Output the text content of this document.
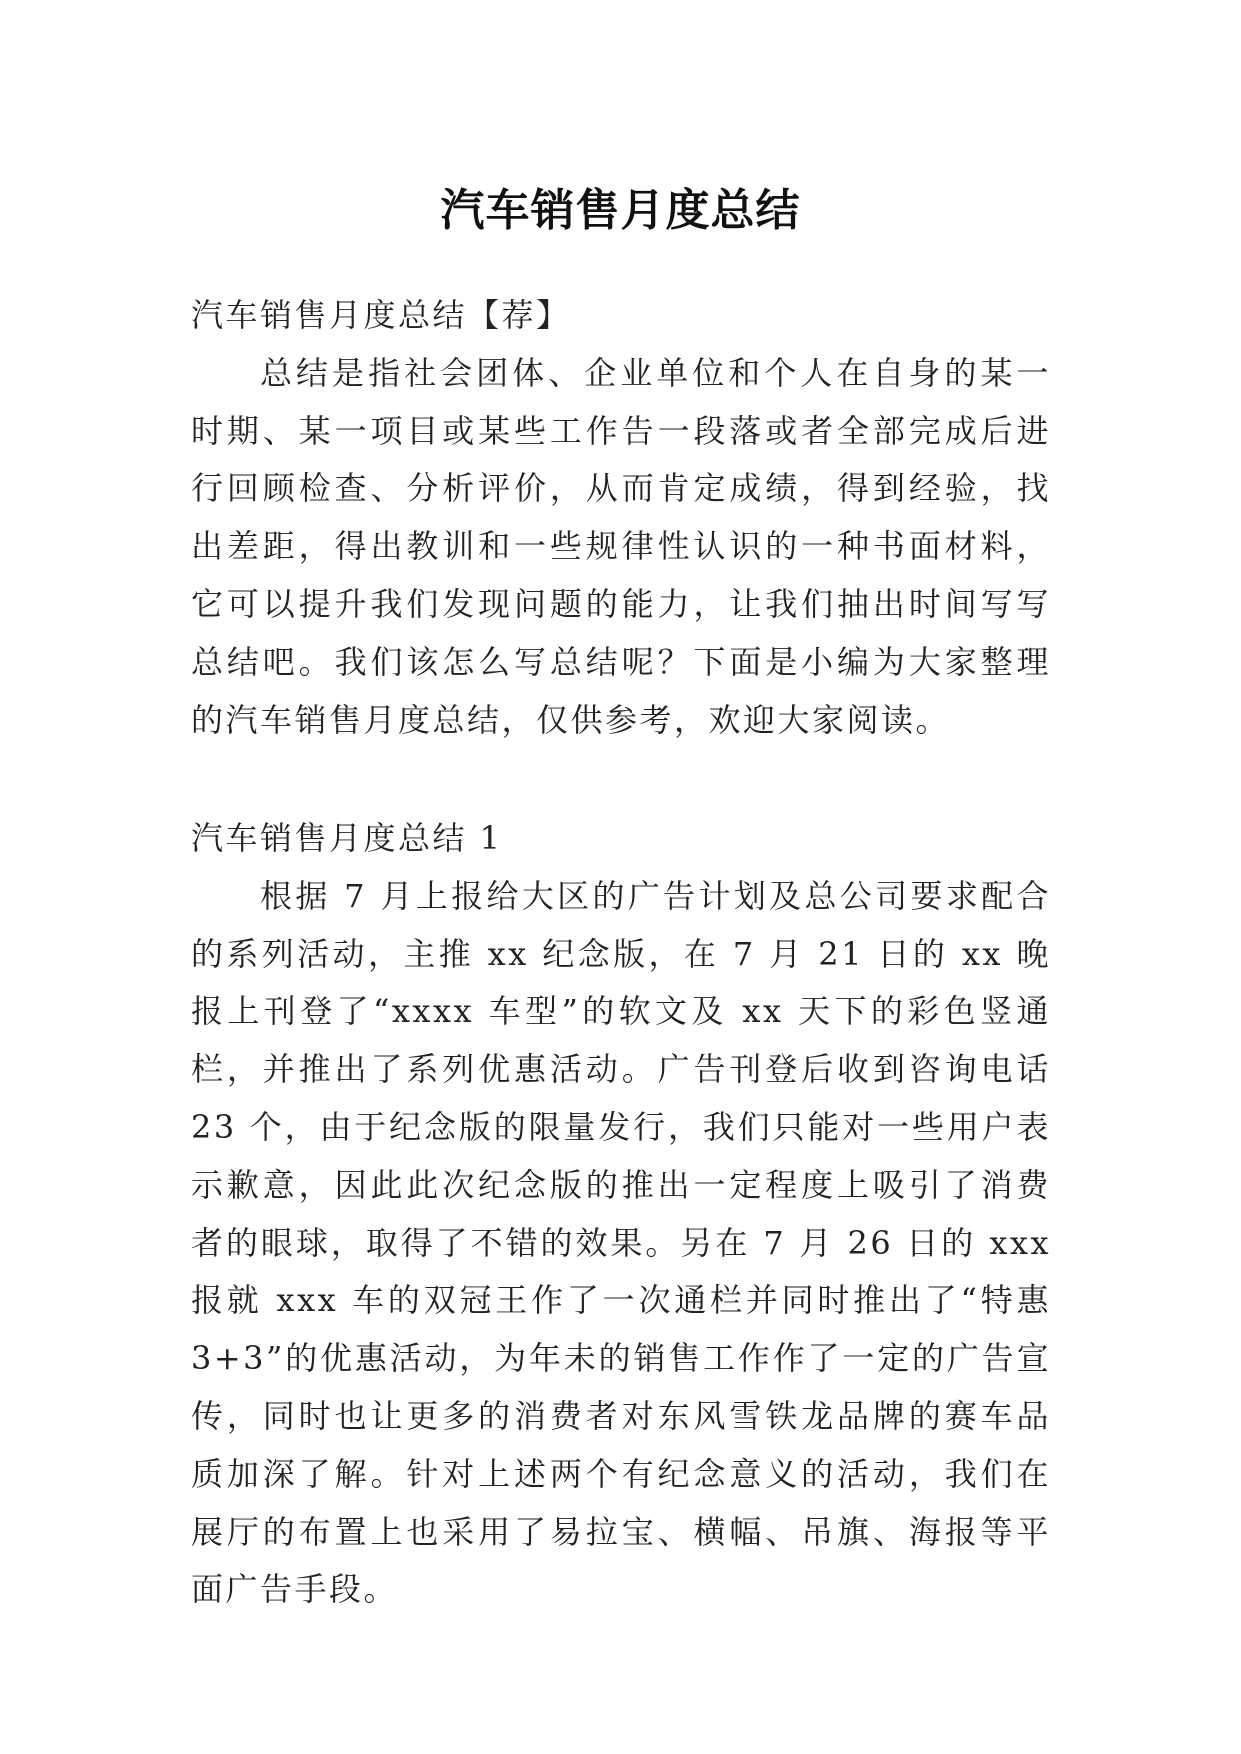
汽车销售月度总结

汽车销售月度总结【荐】

总结是指社会团体、企业单位和个人在自身的某一时期、某一项目或某些工作告一段落或者全部完成后进行回顾检查、分析评价，从而肯定成绩，得到经验，找出差距，得出教训和一些规律性认识的一种书面材料，它可以提升我们发现问题的能力，让我们抽出时间写写总结吧。我们该怎么写总结呢？下面是小编为大家整理的汽车销售月度总结，仅供参考，欢迎大家阅读。

汽车销售月度总结 1

根据 7 月上报给大区的广告计划及总公司要求配合的系列活动，主推 xx 纪念版，在 7 月 21 日的 xx 晚报上刊登了“xxxx 车型”的软文及 xx 天下的彩色竖通栏，并推出了系列优惠活动。广告刊登后收到咨询电话 23 个，由于纪念版的限量发行，我们只能对一些用户表示歉意，因此此次纪念版的推出一定程度上吸引了消费者的眼球，取得了不错的效果。另在 7 月 26 日的 xxx 报就 xxx 车的双冠王作了一次通栏并同时推出了“特惠 3+3”的优惠活动，为年未的销售工作作了一定的广告宣传，同时也让更多的消费者对东风雪铁龙品牌的赛车品质加深了解。针对上述两个有纪念意义的活动，我们在展厅的布置上也采用了易拉宝、横幅、吊旗、海报等平面广告手段。
